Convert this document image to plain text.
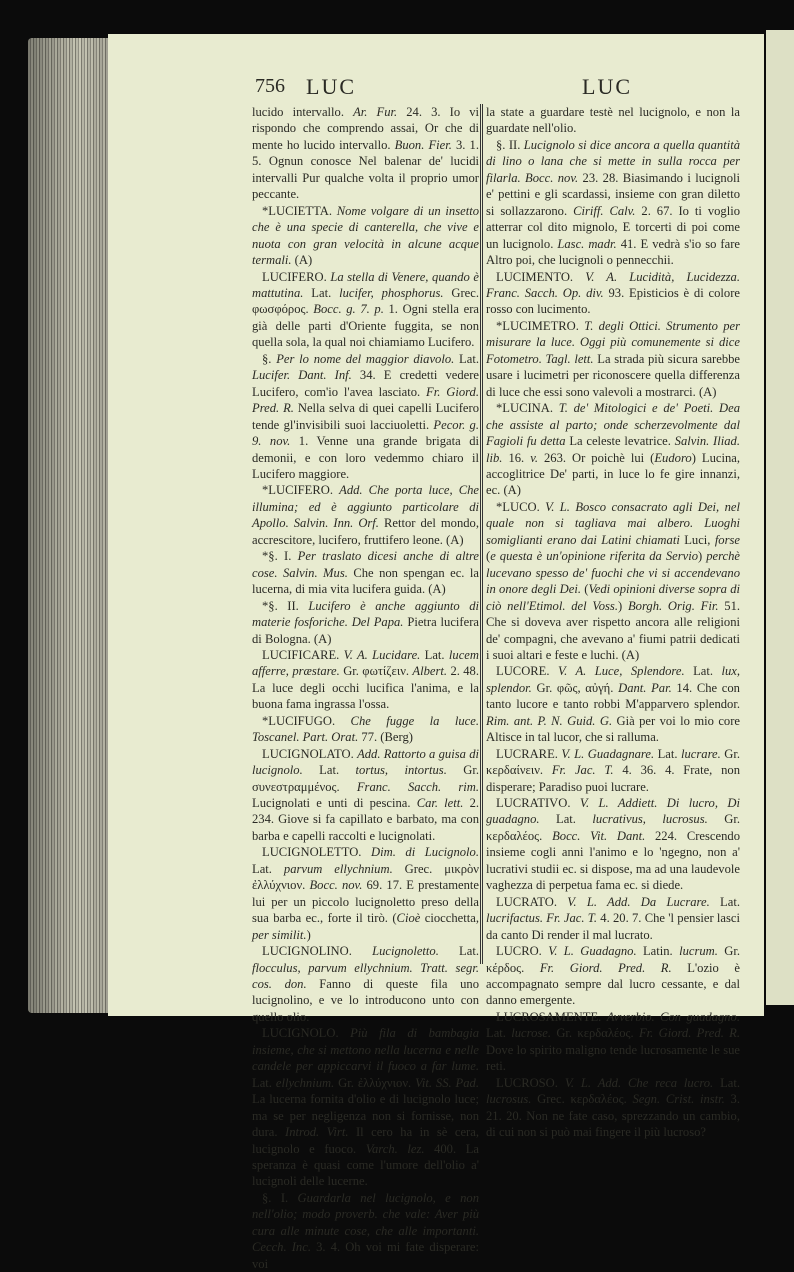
756 LUC	LUC

lucido intervallo. Ar. Fur. 24. 3. Io vi rispondo che comprendo assai, Or che di mente ho lucido intervallo. Buon. Fier. 3. 1. 5. Ognun conosce Nel balenar de' lucidi intervalli Pur qualche volta il proprio umor peccante.

*LUCIETTA. Nome volgare di un insetto che è una specie di canterella, che vive e nuota con gran velocità in alcune acque termali. (A)

LUCIFERO. La stella di Venere, quando è mattutina. Lat. lucifer, phosphorus. Grec. φωσφόρος. Bocc. g. 7. p. 1. Ogni stella era già delle parti d'Oriente fuggita, se non quella sola, la qual noi chiamiamo Lucifero.

§. Per lo nome del maggior diavolo. Lat. Lucifer. Dant. Inf. 34. E credetti vedere Lucifero, com'io l'avea lasciato. Fr. Giord. Pred. R. Nella selva di quei capelli Lucifero tende gl'invisibili suoi lacciuoletti. Pecor. g. 9. nov. 1. Venne una grande brigata di demonii, e con loro vedemmo chiaro il Lucifero maggiore.

*LUCIFERO. Add. Che porta luce, Che illumina; ed è aggiunto particolare di Apollo. Salvin. Inn. Orf. Rettor del mondo, accrescitore, lucifero, fruttifero leone. (A)

*§. I. Per traslato dicesi anche di altre cose. Salvin. Mus. Che non spengan ec. la lucerna, di mia vita lucifera guida. (A)

*§. II. Lucifero è anche aggiunto di materie fosforiche. Del Papa. Pietra lucifera di Bologna. (A)

LUCIFICARE. V. A. Lucidare. Lat. lucem afferre, præstare. Gr. φωτίζειν. Albert. 2. 48. La luce degli occhi lucifica l'anima, e la buona fama ingrassa l'ossa.

*LUCIFUGO. Che fugge la luce. Toscanel. Part. Orat. 77. (Berg)

LUCIGNOLATO. Add. Rattorto a guisa di lucignolo. Lat. tortus, intortus. Gr. συνεστραμμένος. Franc. Sacch. rim. Lucignolati e unti di pescina. Car. lett. 2. 234. Giove si fa capillato e barbato, ma con barba e capelli raccolti e lucignolati.

LUCIGNOLETTO. Dim. di Lucignolo. Lat. parvum ellychnium. Grec. μικρὸν ἐλλύχνιον. Bocc. nov. 69. 17. E prestamente lui per un piccolo lucignoletto preso della sua barba ec., forte il tirò. (Cioè ciocchetta, per similit.)

LUCIGNOLINO. Lucignoletto. Lat. flocculus, parvum ellychnium. Tratt. segr. cos. don. Fanno di queste fila uno lucignolino, e ve lo introducono unto con quello olio.

LUCIGNOLO. Più fila di bambagia insieme, che si mettono nella lucerna e nelle candele per appiccarvi il fuoco a far lume. Lat. ellychnium. Gr. ἐλλύχνιον. Vit. SS. Pad. La lucerna fornita d'olio e di lucignolo luce; ma se per negligenza non si fornisse, non dura. Introd. Virt. Il cero ha in sè cera, lucignolo e fuoco. Varch. lez. 400. La speranza è quasi come l'umore dell'olio a' lucignoli delle lucerne.

§. I. Guardarla nel lucignolo, e non nell'olio; modo proverb. che vale: Aver più cura alle minute cose, che alle importanti. Cecch. Inc. 3. 4. Oh voi mi fate disperare: voi

la state a guardare testè nel lucignolo, e non la guardate nell'olio.

§. II. Lucignolo si dice ancora a quella quantità di lino o lana che si mette in sulla rocca per filarla. Bocc. nov. 23. 28. Biasimando i lucignoli e' pettini e gli scardassi, insieme con gran diletto si sollazzarono. Ciriff. Calv. 2. 67. Io ti voglio atterrar col dito mignolo, E torcerti di poi come un lucignolo. Lasc. madr. 41. E vedrà s'io so fare Altro poi, che lucignoli o pennecchii.

LUCIMENTO. V. A. Lucidità, Lucidezza. Franc. Sacch. Op. div. 93. Episticios è di colore rosso con lucimento.

*LUCIMETRO. T. degli Ottici. Strumento per misurare la luce. Oggi più comunemente si dice Fotometro. Tagl. lett. La strada più sicura sarebbe usare i lucimetri per riconoscere quella differenza di luce che essi sono valevoli a mostrarci. (A)

*LUCINA. T. de' Mitologici e de' Poeti. Dea che assiste al parto; onde scherzevolmente dal Fagioli fu detta La celeste levatrice. Salvin. Iliad. lib. 16. v. 263. Or poichè lui (Eudoro) Lucina, accoglitrice De' parti, in luce lo fe gire innanzi, ec. (A)

*LUCO. V. L. Bosco consacrato agli Dei, nel quale non si tagliava mai albero. Luoghi somiglianti erano dai Latini chiamati Luci, forse (e questa è un'opinione riferita da Servio) perchè lucevano spesso de' fuochi che vi si accendevano in onore degli Dei. (Vedi opinioni diverse sopra di ciò nell'Etimol. del Voss.) Borgh. Orig. Fir. 51. Che si doveva aver rispetto ancora alle religioni de' compagni, che avevano a' fiumi patrii dedicati i suoi altari e feste e luchi. (A)

LUCORE. V. A. Luce, Splendore. Lat. lux, splendor. Gr. φῶς, αὐγή. Dant. Par. 14. Che con tanto lucore e tanto robbi M'apparvero splendor. Rim. ant. P. N. Guid. G. Già per voi lo mio core Altisce in tal lucor, che si ralluma.

LUCRARE. V. L. Guadagnare. Lat. lucrare. Gr. κερδαίνειν. Fr. Jac. T. 4. 36. 4. Frate, non disperare; Paradiso puoi lucrare.

LUCRATIVO. V. L. Addiett. Di lucro, Di guadagno. Lat. lucrativus, lucrosus. Gr. κερδαλέος. Bocc. Vit. Dant. 224. Crescendo insieme cogli anni l'animo e lo 'ngegno, non a' lucrativi studii ec. si dispose, ma ad una laudevole vaghezza di perpetua fama ec. si diede.

LUCRATO. V. L. Add. Da Lucrare. Lat. lucrifactus. Fr. Jac. T. 4. 20. 7. Che 'l pensier lasci da canto Di render il mal lucrato.

LUCRO. V. L. Guadagno. Latin. lucrum. Gr. κέρδος. Fr. Giord. Pred. R. L'ozio è accompagnato sempre dal lucro cessante, e dal danno emergente.

LUCROSAMENTE. Avverbio. Con guadagno. Lat. lucrose. Gr. κερδαλέος. Fr. Giord. Pred. R. Dove lo spirito maligno tende lucrosamente le sue reti.

LUCROSO. V. L. Add. Che reca lucro. Lat. lucrosus. Grec. κερδαλέος. Segn. Crist. instr. 3. 21. 20. Non ne fate caso, sprezzando un cambio, di cui non si può mai fingere il più lucroso?
